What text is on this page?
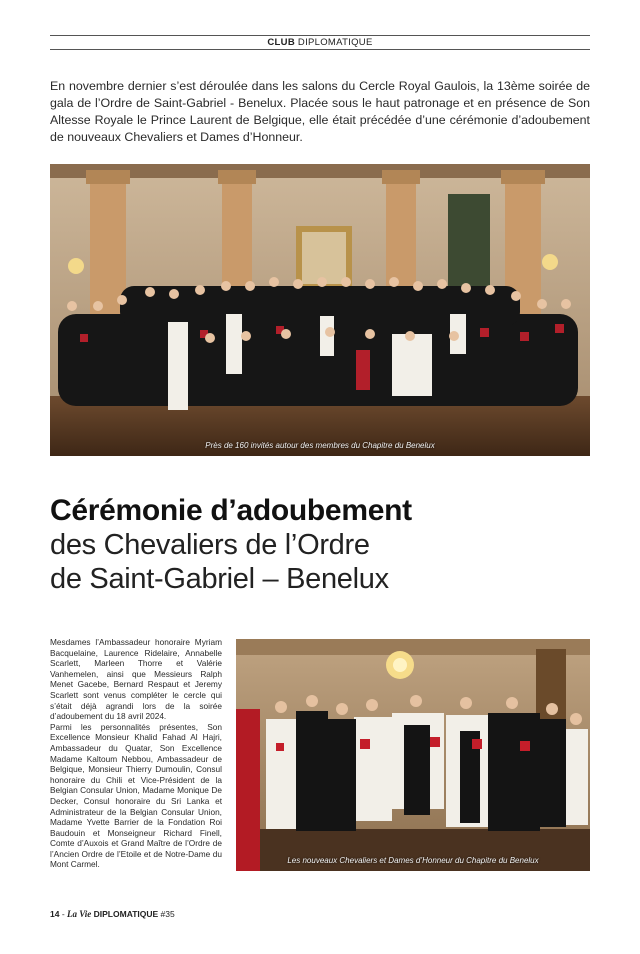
CLUB DIPLOMATIQUE

En novembre dernier s’est déroulée dans les salons du Cercle Royal Gaulois, la 13ème soirée de gala de l’Ordre de Saint-Gabriel - Benelux. Placée sous le haut patronage et en présence de Son Altesse Royale le Prince Laurent de Belgique, elle était précédée d’une cérémonie d’adoubement de nouveaux Chevaliers et Dames d’Honneur.

Près de 160 invités autour des membres du Chapitre du Benelux
Cérémonie d’adoubement
des Chevaliers de l’Ordre
de Saint-Gabriel – Benelux

Mesdames l’Ambassadeur honoraire Myriam Bacquelaine, Laurence Ridelaire, Annabelle Scarlett, Marleen Thorre et Valérie Vanhemelen, ainsi que Messieurs Ralph Menet Gacebe, Bernard Respaut et Jeremy Scarlett sont venus compléter le cercle qui s’était déjà agrandi lors de la soirée d’adoubement du 18 avril 2024.

Parmi les personnalités présentes, Son Excellence Monsieur Khalid Fahad Al Hajri, Ambassadeur du Quatar, Son Excellence Madame Kaltoum Nebbou, Ambassadeur de Belgique, Monsieur Thierry Dumoulin, Consul honoraire du Chili et Vice-Président de la Belgian Consular Union, Madame Monique De Decker, Consul honoraire du Sri Lanka et Administrateur de la Belgian Consular Union, Madame Yvette Barrier de la Fondation Roi Baudouin et Monseigneur Richard Finell, Comte d’Auxois et Grand Maître de l’Ordre de l’Ancien Ordre de l’Etoile et de Notre-Dame du Mont Carmel.	Les nouveaux Chevaliers et Dames d’Honneur du Chapitre du Benelux
14 - La Vie DIPLOMATIQUE #35
